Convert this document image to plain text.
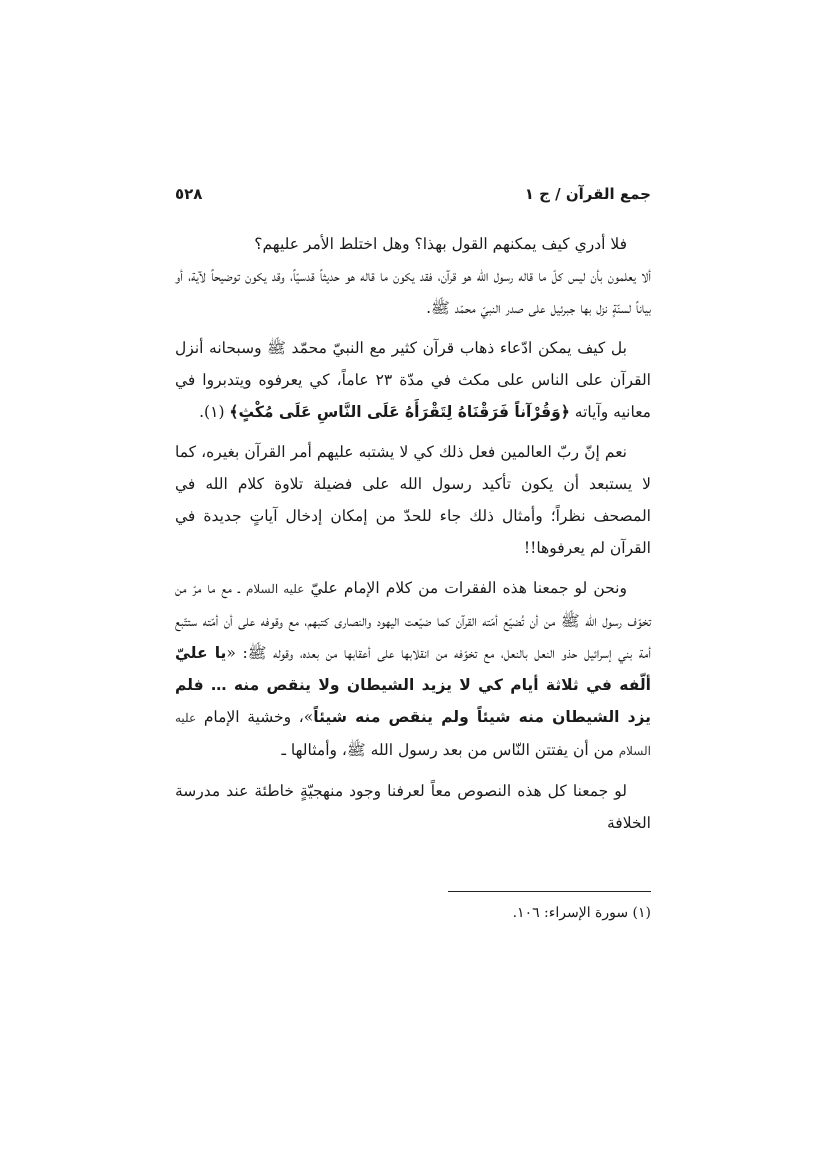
٥٢٨	جمع القرآن / ج ١

فلا أدري كيف يمكنهم القول بهذا؟ وهل اختلط الأمر عليهم؟

ألا يعلمون بأن ليس كلّ ما قاله رسول الله هو قرآن، فقد يكون ما قاله هو حديثاً قدسيّاً، وقد يكون توضيحاً لآية، أو بياناً لسنّةٍ نزل بها جبرئيل على صدر النبيّ محمّد ﷺ.

بل كيف يمكن ادّعاء ذهاب قرآن كثير مع النبيّ محمّد ﷺ وسبحانه أنزل القرآن على الناس على مكث في مدّة ٢٣ عاماً، كي يعرفوه ويتدبروا في معانيه وآياته ﴿وَقُرْآناً فَرَقْنَاهُ لِتَقْرَأَهُ عَلَى النَّاسِ عَلَى مُكْثٍ﴾ (١).

نعم إنّ ربّ العالمين فعل ذلك كي لا يشتبه عليهم أمر القرآن بغيره، كما لا يستبعد أن يكون تأكيد رسول الله على فضيلة تلاوة كلام الله في المصحف نظراً؛ وأمثال ذلك جاء للحدّ من إمكان إدخال آياتٍ جديدة في القرآن لم يعرفوها!!

ونحن لو جمعنا هذه الفقرات من كلام الإمام عليّ عليه السلام ـ مع ما مرّ من تخوّف رسول الله ﷺ من أن تُضيّع أمّته القرآن كما ضيّعت اليهود والنصارى كتبهم، مع وقوفه على أن أمّته ستتّبع أمة بني إسرائيل حذو النعل بالنعل، مع تخوّفه من انقلابها على أعقابها من بعده، وقوله ﷺ: «يا عليّ ألّفه في ثلاثة أيام كي لا يزيد الشيطان ولا ينقص منه … فلم يزد الشيطان منه شيئاً ولم ينقص منه شيئاً»، وخشية الإمام عليه السلام من أن يفتتن النّاس من بعد رسول الله ﷺ، وأمثالها ـ

لو جمعنا كل هذه النصوص معاً لعرفنا وجود منهجيّةٍ خاطئة عند مدرسة الخلافة

(١) سورة الإسراء: ١٠٦.
